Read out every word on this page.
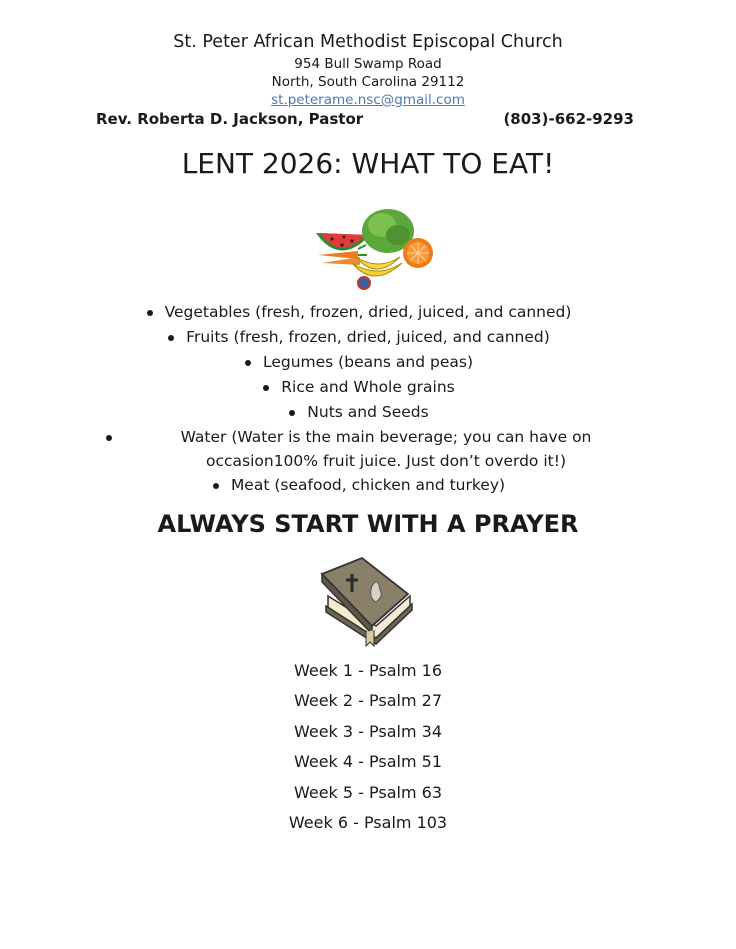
St. Peter African Methodist Episcopal Church
954 Bull Swamp Road
North, South Carolina 29112
st.peterame.nsc@gmail.com
Rev. Roberta D. Jackson, Pastor	(803)-662-9293
LENT 2026: WHAT TO EAT!
Vegetables (fresh, frozen, dried, juiced, and canned)
Fruits (fresh, frozen, dried, juiced, and canned)
Legumes (beans and peas)
Rice and Whole grains
Nuts and Seeds
Water (Water is the main beverage; you can have on occasion100% fruit juice. Just don’t overdo it!)
Meat (seafood, chicken and turkey)
ALWAYS START WITH A PRAYER
Week 1 - Psalm 16
Week 2 - Psalm 27
Week 3 - Psalm 34
Week 4 - Psalm 51
Week 5 - Psalm 63
Week 6 - Psalm 103
